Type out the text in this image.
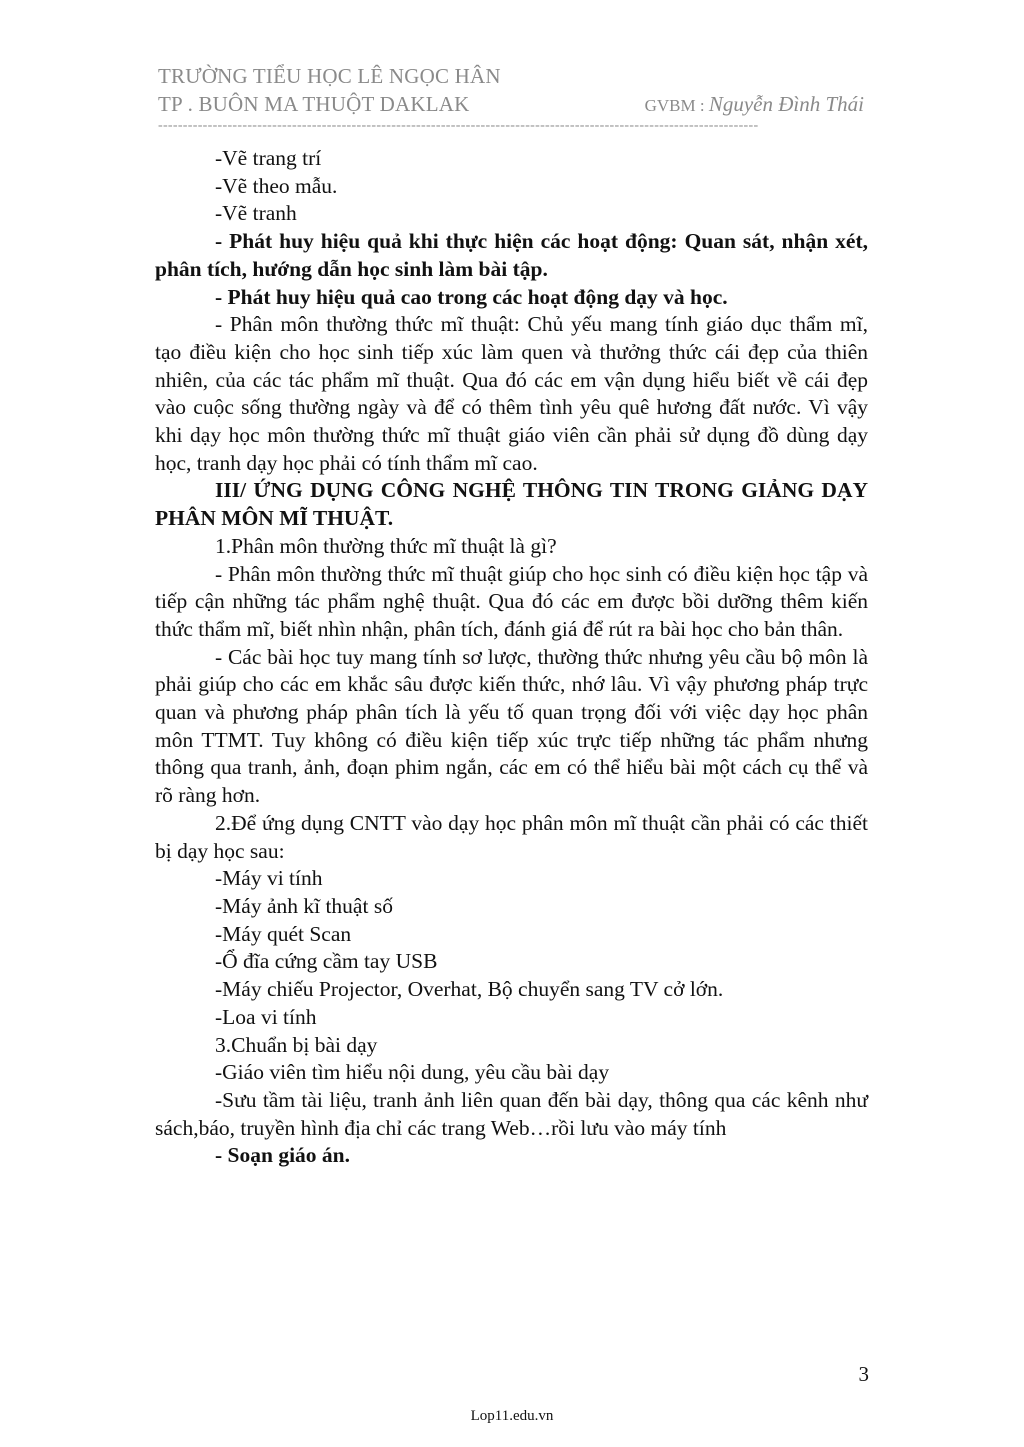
TRƯỜNG TIỂU HỌC LÊ NGỌC HÂN
TP . BUÔN MA THUỘT DAKLAK	GVBM : Nguyễn Đình Thái
-------------------------------------------------------------------------------------------------------------------------

-Vẽ trang trí

-Vẽ theo mẫu.

-Vẽ tranh

- Phát huy hiệu quả khi thực hiện các hoạt động: Quan sát, nhận xét, phân tích, hướng dẫn học sinh làm bài tập.

- Phát huy hiệu quả cao trong các hoạt động dạy và học.

- Phân môn thường thức mĩ thuật: Chủ yếu mang tính giáo dục thẩm mĩ, tạo điều kiện cho học sinh tiếp xúc làm quen và thưởng thức cái đẹp của thiên nhiên, của các tác phẩm mĩ thuật. Qua đó các em vận dụng hiểu biết về cái đẹp vào cuộc sống thường ngày và để có thêm tình yêu quê hương đất nước. Vì vậy khi dạy học môn thường thức mĩ thuật giáo viên cần phải sử dụng đồ dùng dạy học, tranh dạy học phải có tính thẩm mĩ cao.

III/ ỨNG DỤNG CÔNG NGHỆ THÔNG TIN TRONG GIẢNG DẠY PHÂN MÔN MĨ THUẬT.

1.Phân môn thường thức mĩ thuật là gì?

- Phân môn thường thức mĩ thuật giúp cho học sinh có điều kiện học tập và tiếp cận những tác phẩm nghệ thuật. Qua đó các em được bồi dưỡng thêm kiến thức thẩm mĩ, biết nhìn nhận, phân tích, đánh giá để rút ra bài học cho bản thân.

- Các bài học tuy mang tính sơ lược, thường thức nhưng yêu cầu bộ môn là phải giúp cho các em khắc sâu được kiến thức, nhớ lâu. Vì vậy phương pháp trực quan và phương pháp phân tích là yếu tố quan trọng đối với việc dạy học phân môn TTMT. Tuy không có điều kiện tiếp xúc trực tiếp những tác phẩm nhưng thông qua tranh, ảnh, đoạn phim ngắn, các em có thể hiểu bài một cách cụ thể và rõ ràng hơn.

2.Để ứng dụng CNTT vào dạy học phân môn mĩ thuật cần phải có các thiết bị dạy học sau:

-Máy vi tính

-Máy ảnh kĩ thuật số

-Máy quét Scan

-Ổ đĩa cứng cầm tay USB

-Máy chiếu Projector, Overhat, Bộ chuyển sang TV cở lớn.

-Loa vi tính

3.Chuẩn bị bài dạy

-Giáo viên tìm hiểu nội dung, yêu cầu bài dạy

-Sưu tầm tài liệu, tranh ảnh liên quan đến bài dạy, thông qua các kênh như sách,báo, truyền hình địa chỉ các trang Web…rồi lưu vào máy tính

- Soạn giáo án.

3
Lop11.edu.vn
